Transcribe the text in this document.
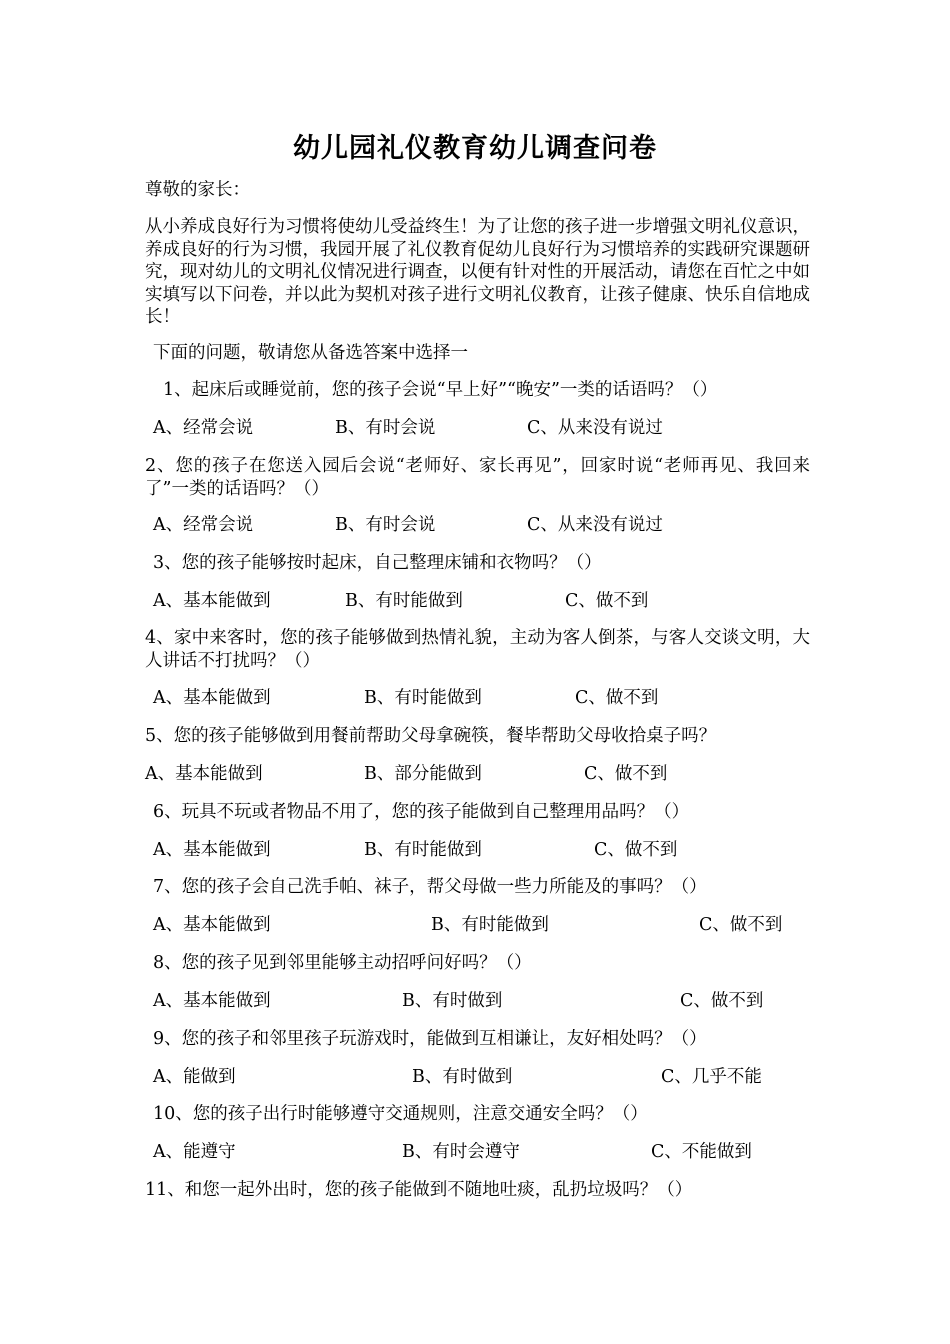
幼儿园礼仪教育幼儿调查问卷
尊敬的家长：
从小养成良好行为习惯将使幼儿受益终生！为了让您的孩子进一步增强文明礼仪意识，养成良好的行为习惯，我园开展了礼仪教育促幼儿良好行为习惯培养的实践研究课题研究，现对幼儿的文明礼仪情况进行调查，以便有针对性的开展活动，请您在百忙之中如实填写以下问卷，并以此为契机对孩子进行文明礼仪教育，让孩子健康、快乐自信地成长！
下面的问题，敬请您从备选答案中选择一
1、起床后或睡觉前，您的孩子会说“早上好”“晚安”一类的话语吗？（）
A、经常会说	B、有时会说	C、从来没有说过
2、您的孩子在您送入园后会说“老师好、家长再见”，回家时说“老师再见、我回来了”一类的话语吗？（）
A、经常会说	B、有时会说	C、从来没有说过
3、您的孩子能够按时起床，自己整理床铺和衣物吗？（）
A、基本能做到	B、有时能做到	C、做不到
4、家中来客时，您的孩子能够做到热情礼貌，主动为客人倒茶，与客人交谈文明，大人讲话不打扰吗？（）
A、基本能做到	B、有时能做到	C、做不到
5、您的孩子能够做到用餐前帮助父母拿碗筷，餐毕帮助父母收拾桌子吗？
A、基本能做到	B、部分能做到	C、做不到
6、玩具不玩或者物品不用了，您的孩子能做到自己整理用品吗？（）
A、基本能做到	B、有时能做到	C、做不到
7、您的孩子会自己洗手帕、袜子，帮父母做一些力所能及的事吗？（）
A、基本能做到	B、有时能做到	C、做不到
8、您的孩子见到邻里能够主动招呼问好吗？（）
A、基本能做到	B、有时做到	C、做不到
9、您的孩子和邻里孩子玩游戏时，能做到互相谦让，友好相处吗？（）
A、能做到	B、有时做到	C、几乎不能
10、您的孩子出行时能够遵守交通规则，注意交通安全吗？（）
A、能遵守	B、有时会遵守	C、不能做到
11、和您一起外出时，您的孩子能做到不随地吐痰，乱扔垃圾吗？（）
